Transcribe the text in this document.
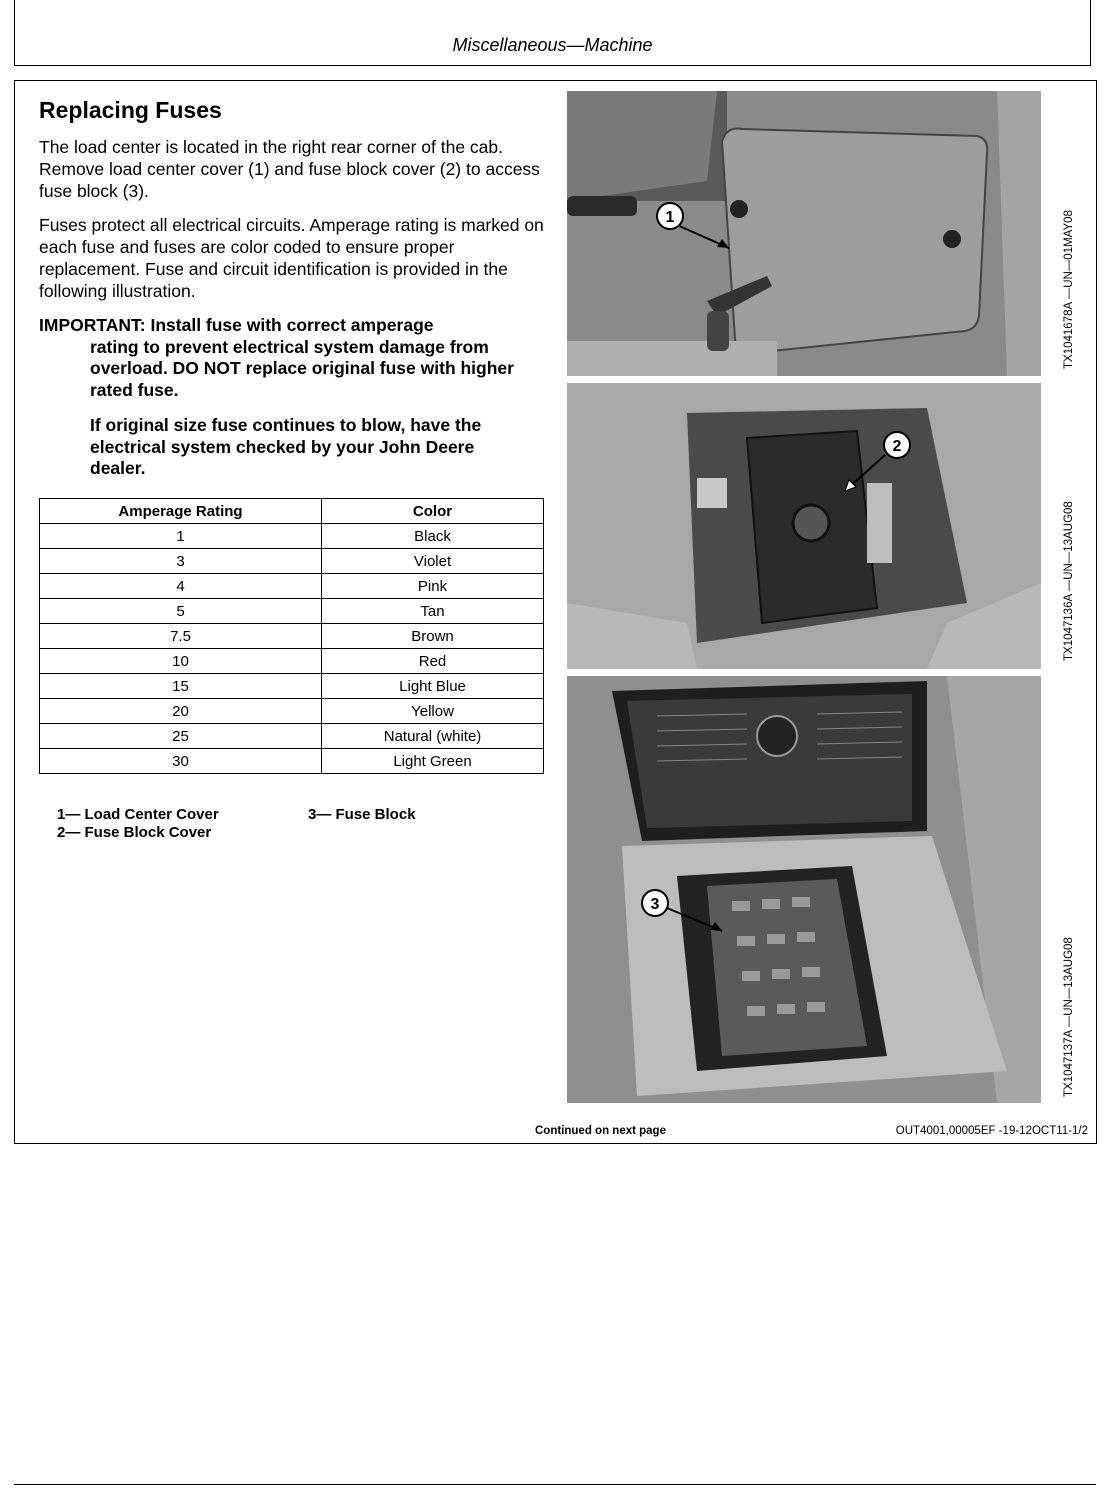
Miscellaneous—Machine
Replacing Fuses
The load center is located in the right rear corner of the cab. Remove load center cover (1) and fuse block cover (2) to access fuse block (3).
Fuses protect all electrical circuits. Amperage rating is marked on each fuse and fuses are color coded to ensure proper replacement. Fuse and circuit identification is provided in the following illustration.
IMPORTANT: Install fuse with correct amperage
rating to prevent electrical system damage from overload. DO NOT replace original fuse with higher rated fuse.
If original size fuse continues to blow, have the electrical system checked by your John Deere dealer.
Amperage Rating	Color
1	Black
3	Violet
4	Pink
5	Tan
7.5	Brown
10	Red
15	Light Blue
20	Yellow
25	Natural (white)
30	Light Green
1— Load Center Cover
2— Fuse Block Cover
3— Fuse Block
1
2
3
TX1041678A —UN—01MAY08
TX1047136A —UN—13AUG08
TX1047137A —UN—13AUG08
Continued on next page	OUT4001,00005EF -19-12OCT11-1/2
